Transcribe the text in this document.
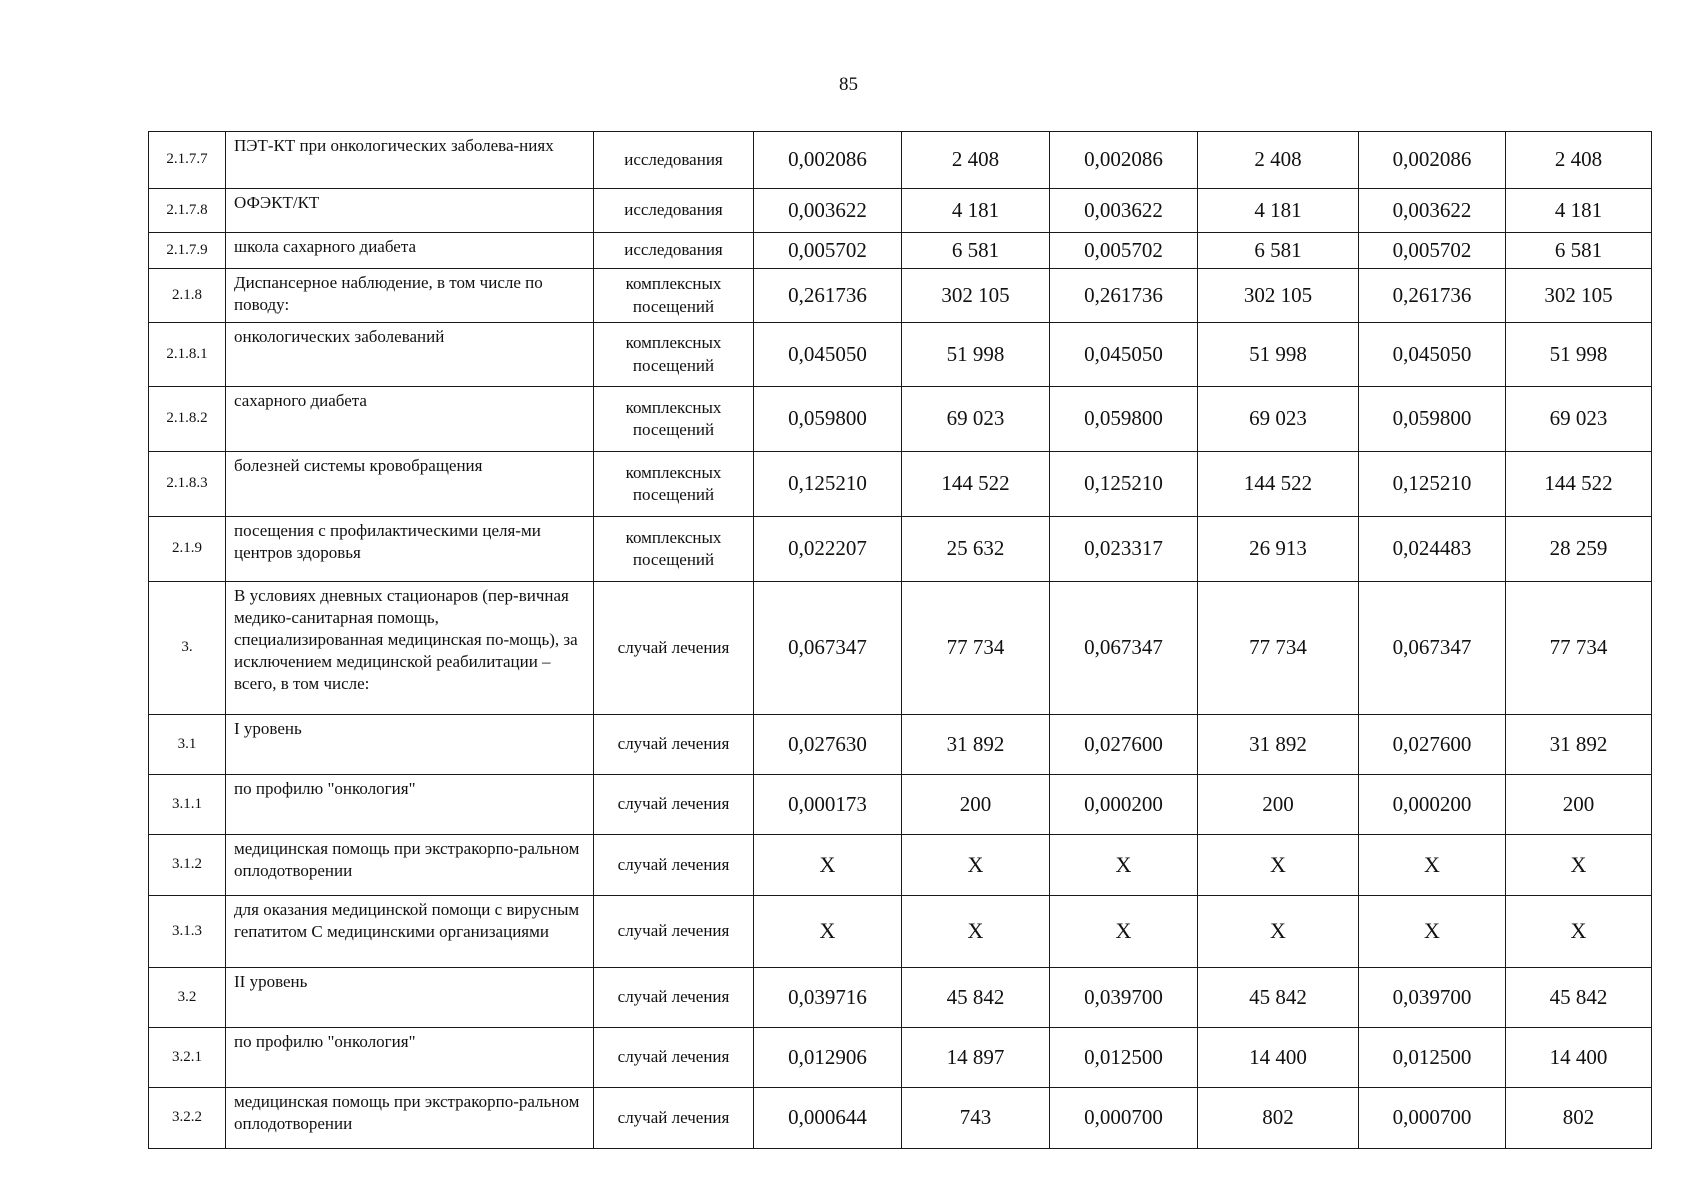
85
2.1.7.7	ПЭТ-КТ при онкологических заболева-ниях	исследования	0,002086	2 408	0,002086	2 408	0,002086	2 408
2.1.7.8	ОФЭКТ/КТ	исследования	0,003622	4 181	0,003622	4 181	0,003622	4 181
2.1.7.9	школа сахарного диабета	исследования	0,005702	6 581	0,005702	6 581	0,005702	6 581
2.1.8	Диспансерное наблюдение, в том числе по поводу:	комплексных посещений	0,261736	302 105	0,261736	302 105	0,261736	302 105
2.1.8.1	онкологических заболеваний	комплексных посещений	0,045050	51 998	0,045050	51 998	0,045050	51 998
2.1.8.2	сахарного диабета	комплексных посещений	0,059800	69 023	0,059800	69 023	0,059800	69 023
2.1.8.3	болезней системы кровобращения	комплексных посещений	0,125210	144 522	0,125210	144 522	0,125210	144 522
2.1.9	посещения с профилактическими целя-ми центров здоровья	комплексных посещений	0,022207	25 632	0,023317	26 913	0,024483	28 259
3.	В условиях дневных стационаров (пер-вичная медико-санитарная помощь, специализированная медицинская по-мощь), за исключением медицинской реабилитации – всего, в том числе:	случай лечения	0,067347	77 734	0,067347	77 734	0,067347	77 734
3.1	I уровень	случай лечения	0,027630	31 892	0,027600	31 892	0,027600	31 892
3.1.1	по профилю "онкология"	случай лечения	0,000173	200	0,000200	200	0,000200	200
3.1.2	медицинская помощь при экстракорпо-ральном оплодотворении	случай лечения	X	X	X	X	X	X
3.1.3	для оказания медицинской помощи с вирусным гепатитом С медицинскими организациями	случай лечения	X	X	X	X	X	X
3.2	II уровень	случай лечения	0,039716	45 842	0,039700	45 842	0,039700	45 842
3.2.1	по профилю "онкология"	случай лечения	0,012906	14 897	0,012500	14 400	0,012500	14 400
3.2.2	медицинская помощь при экстракорпо-ральном оплодотворении	случай лечения	0,000644	743	0,000700	802	0,000700	802
